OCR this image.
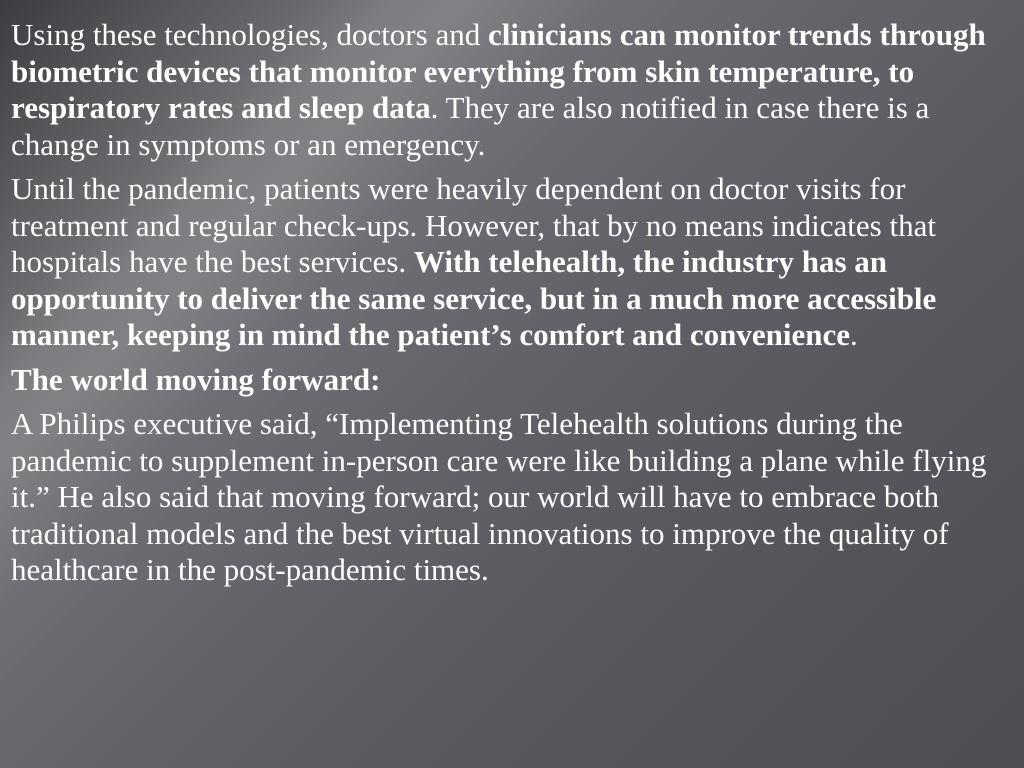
Using these technologies, doctors and clinicians can monitor trends through biometric devices that monitor everything from skin temperature, to respiratory rates and sleep data. They are also notified in case there is a change in symptoms or an emergency.

Until the pandemic, patients were heavily dependent on doctor visits for treatment and regular check-ups. However, that by no means indicates that hospitals have the best services. With telehealth, the industry has an opportunity to deliver the same service, but in a much more accessible manner, keeping in mind the patient’s comfort and convenience.

The world moving forward:

A Philips executive said, “Implementing Telehealth solutions during the pandemic to supplement in-person care were like building a plane while flying it.” He also said that moving forward; our world will have to embrace both traditional models and the best virtual innovations to improve the quality of healthcare in the post-pandemic times.
